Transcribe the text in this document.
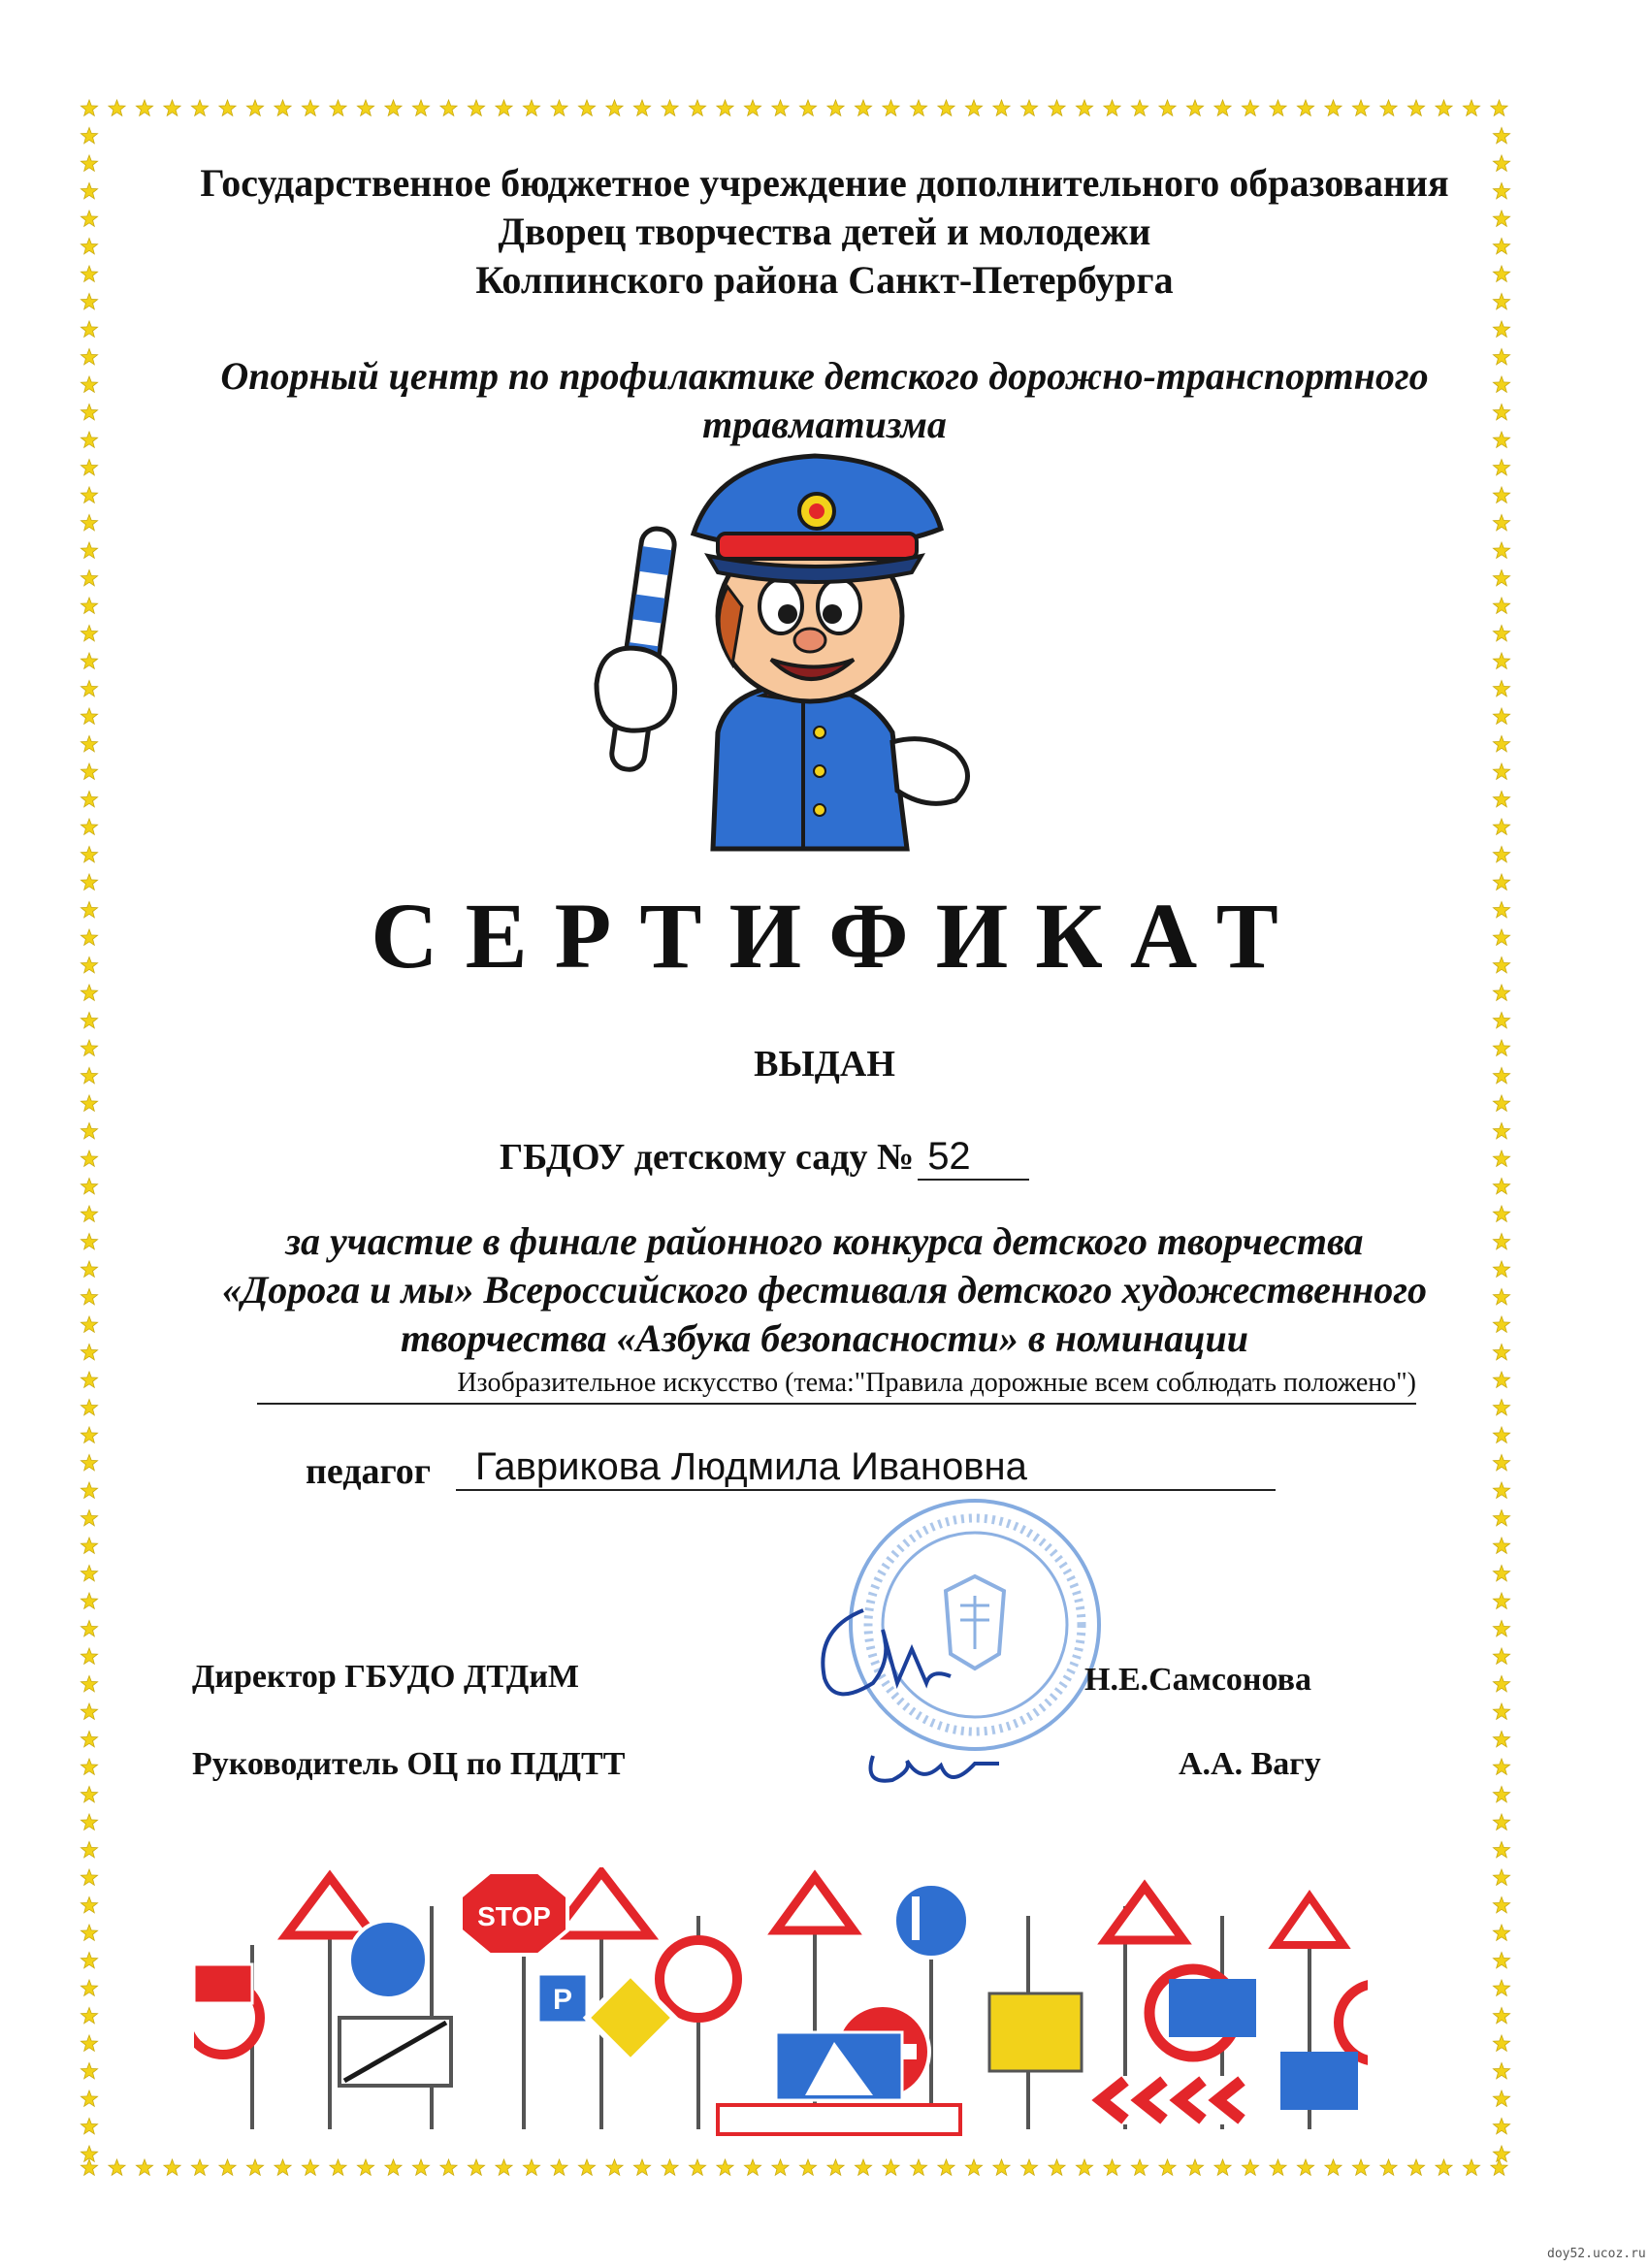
Государственное бюджетное учреждение дополнительного образования
Дворец творчества детей и молодежи
Колпинского района Санкт-Петербурга
Опорный центр по профилактике детского дорожно-транспортного
травматизма
СЕРТИФИКАТ
ВЫДАН
ГБДОУ детскому саду № 52
за участие в финале районного конкурса детского творчества
«Дорога и мы» Всероссийского фестиваля детского художественного
творчества «Азбука безопасности» в номинации
Изобразительное искусство (тема:"Правила дорожные всем соблюдать положено")
педагог	Гаврикова Людмила Ивановна
Директор ГБУДО ДТДиМ	Н.Е.Самсонова
Руководитель ОЦ по ПДДТТ	А.А. Вагу
STOP
P
doy52.ucoz.ru
